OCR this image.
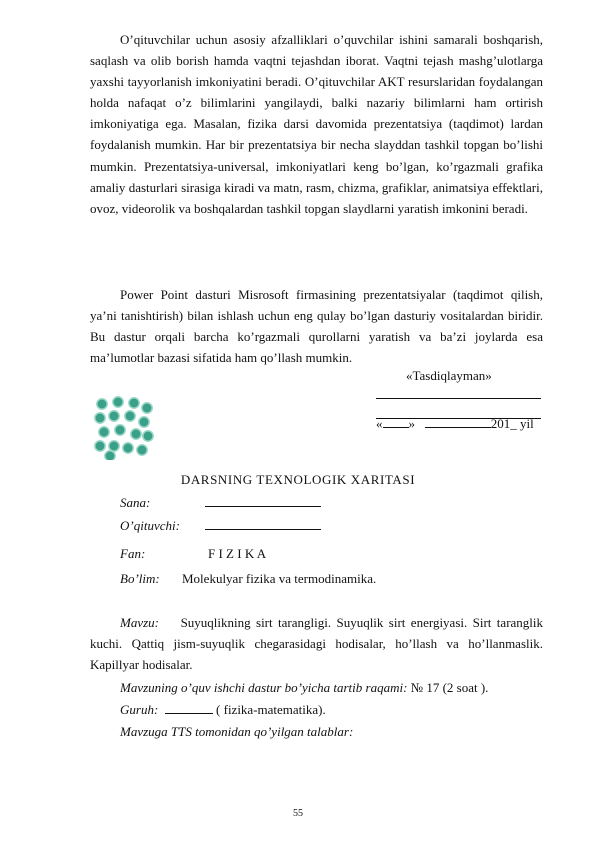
O’qituvchilar uchun asosiy afzalliklari o’quvchilar ishini samarali boshqarish, saqlash va olib borish hamda vaqtni tejashdan iborat. Vaqtni tejash mashg’ulotlarga yaxshi tayyorlanish imkoniyatini beradi. O’qituvchilar AKT resurslaridan foydalangan holda nafaqat o’z bilimlarini yangilaydi, balki nazariy bilimlarni ham ortirish imkoniyatiga ega. Masalan, fizika darsi davomida prezentatsiya (taqdimot) lardan foydalanish mumkin. Har bir prezentatsiya bir necha slayddan tashkil topgan bo’lishi mumkin. Prezentatsiya-universal, imkoniyatlari keng bo’lgan, ko’rgazmali grafika amaliy dasturlari sirasiga kiradi va matn, rasm, chizma, grafiklar, animatsiya effektlari, ovoz, videorolik va boshqalardan tashkil topgan slaydlarni yaratish imkonini beradi.

Power Point dasturi Misrosoft firmasining prezentatsiyalar (taqdimot qilish, ya’ni tanishtirish) bilan ishlash uchun eng qulay bo’lgan dasturiy vositalardan biridir. Bu dastur orqali barcha ko’rgazmali qurollarni yaratish va ba’zi joylarda esa ma’lumotlar bazasi sifatida ham qo’llash mumkin.

«Tasdiqlayman»
« »	201_ yil
DARSNING TEXNOLOGIK XARITASI
Sana:
O’qituvchi:
Fan:	F I Z I K A
Bo’lim: Molekulyar fizika va termodinamika.

Mavzu: Suyuqlikning sirt tarangligi. Suyuqlik sirt energiyasi. Sirt taranglik kuchi. Qattiq jism-suyuqlik chegarasidagi hodisalar, ho’llash va ho’llanmaslik. Kapillyar hodisalar.

Mavzuning o’quv ishchi dastur bo’yicha tartib raqami: № 17 (2 soat ).
Guruh:	( fizika-matematika).
Mavzuga TTS tomonidan qo’yilgan talablar:
55
